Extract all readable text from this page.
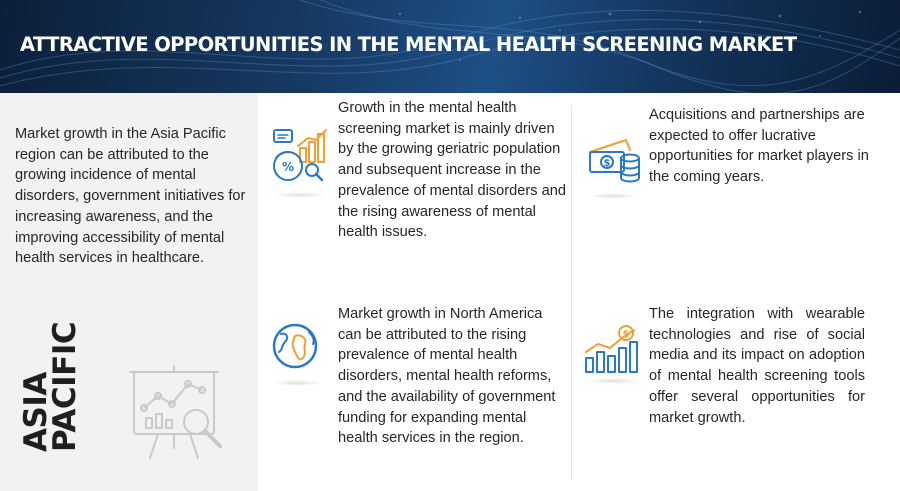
ATTRACTIVE OPPORTUNITIES IN THE MENTAL HEALTH SCREENING MARKET
Market growth in the Asia Pacific region can be attributed to the growing incidence of mental disorders, government initiatives for increasing awareness, and the improving accessibility of mental health services in healthcare.
ASIA
PACIFIC
%
Growth in the mental health screening market is mainly driven by the growing geriatric population and subsequent increase in the prevalence of mental disorders and the rising awareness of mental health issues.
$
Acquisitions and partnerships are expected to offer lucrative opportunities for market players in the coming years.
Market growth in North America can be attributed to the rising prevalence of mental health disorders, mental health reforms, and the availability of government funding for expanding mental health services in the region.
$
The integration with wearable technologies and rise of social media and its impact on adoption of mental health screening tools offer several opportunities for market growth.
